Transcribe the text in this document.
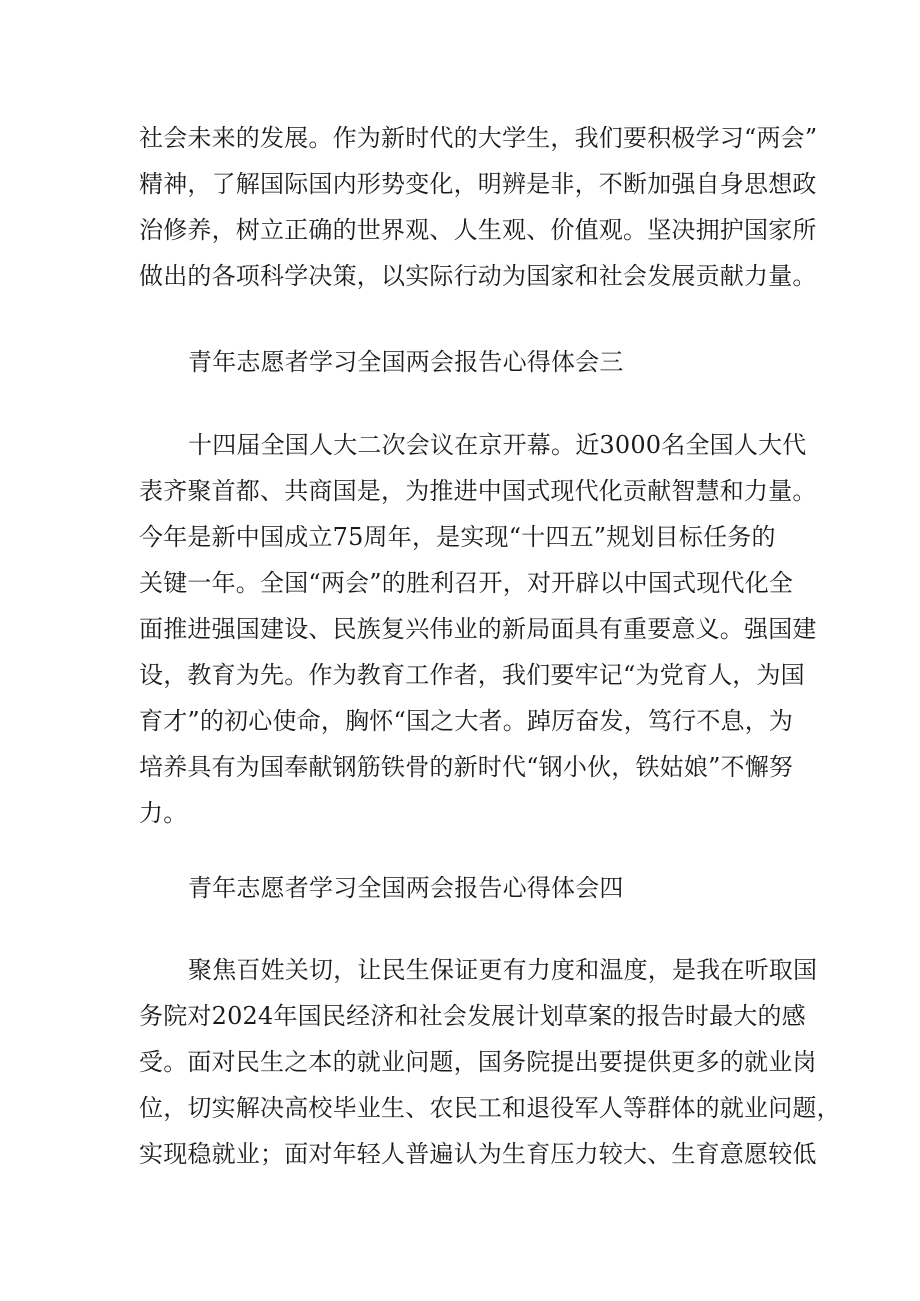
社会未来的发展。作为新时代的大学生，我们要积极学习“两会”
精神，了解国际国内形势变化，明辨是非，不断加强自身思想政
治修养，树立正确的世界观、人生观、价值观。坚决拥护国家所
做出的各项科学决策，以实际行动为国家和社会发展贡献力量。
青年志愿者学习全国两会报告心得体会三
十四届全国人大二次会议在京开幕。近3000名全国人大代
表齐聚首都、共商国是，为推进中国式现代化贡献智慧和力量。
今年是新中国成立75周年，是实现“十四五”规划目标任务的
关键一年。全国“两会”的胜利召开，对开辟以中国式现代化全
面推进强国建设、民族复兴伟业的新局面具有重要意义。强国建
设，教育为先。作为教育工作者，我们要牢记“为党育人，为国
育才”的初心使命，胸怀“国之大者。踔厉奋发，笃行不息，为
培养具有为国奉献钢筋铁骨的新时代“钢小伙，铁姑娘”不懈努
力。
青年志愿者学习全国两会报告心得体会四
聚焦百姓关切，让民生保证更有力度和温度，是我在听取国
务院对2024年国民经济和社会发展计划草案的报告时最大的感
受。面对民生之本的就业问题，国务院提出要提供更多的就业岗
位，切实解决高校毕业生、农民工和退役军人等群体的就业问题，
实现稳就业；面对年轻人普遍认为生育压力较大、生育意愿较低
